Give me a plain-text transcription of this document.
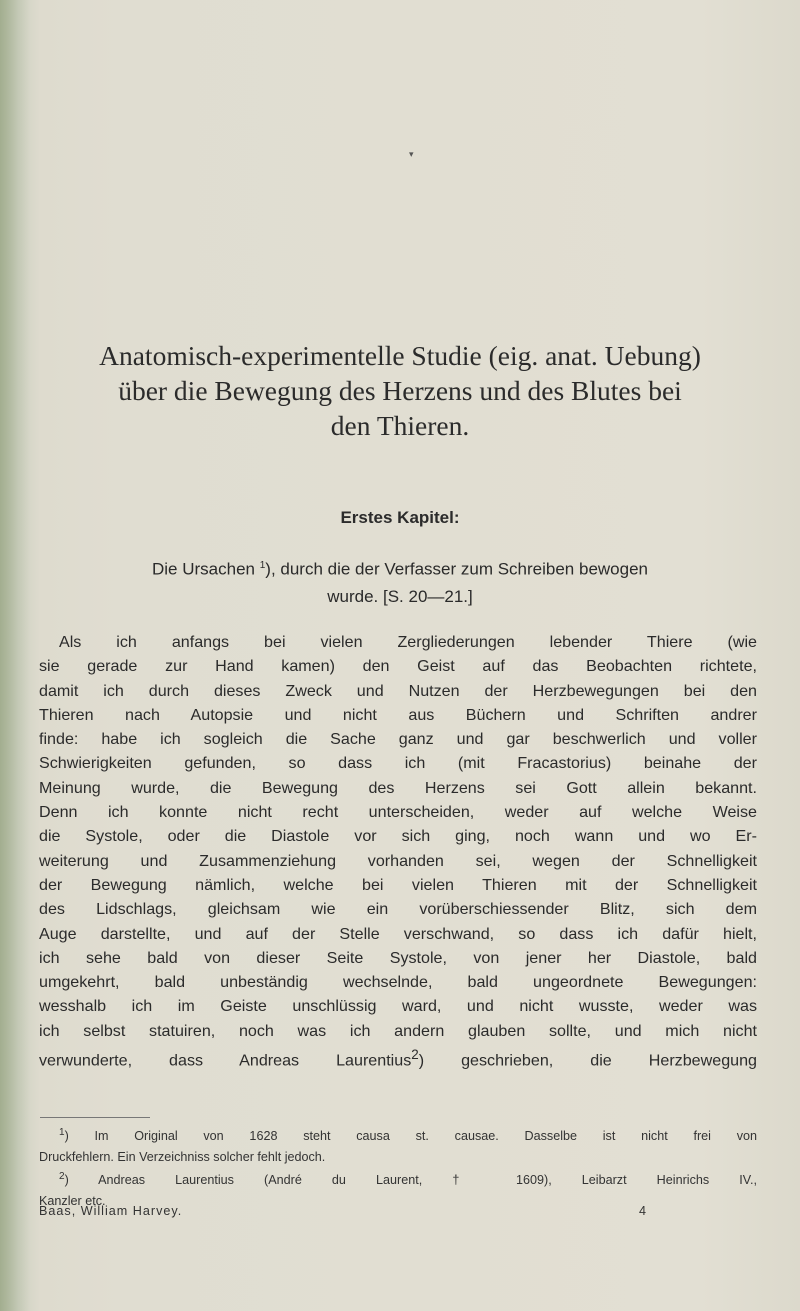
▾
Anatomisch-experimentelle Studie (eig. anat. Uebung)
über die Bewegung des Herzens und des Blutes bei
den Thieren.
Erstes Kapitel:
Die Ursachen $^1$), durch die der Verfasser zum Schreiben bewogen
wurde. [S. 20—21.]
Als ich anfangs bei vielen Zergliederungen lebender Thiere (wie
sie gerade zur Hand kamen) den Geist auf das Beobachten richtete,
damit ich durch dieses Zweck und Nutzen der Herzbewegungen bei den
Thieren nach Autopsie und nicht aus Büchern und Schriften andrer
finde: habe ich sogleich die Sache ganz und gar beschwerlich und voller
Schwierigkeiten gefunden, so dass ich (mit Fracastorius) beinahe der
Meinung wurde, die Bewegung des Herzens sei Gott allein bekannt.
Denn ich konnte nicht recht unterscheiden, weder auf welche Weise
die Systole, oder die Diastole vor sich ging, noch wann und wo Er-
weiterung und Zusammenziehung vorhanden sei, wegen der Schnelligkeit
der Bewegung nämlich, welche bei vielen Thieren mit der Schnelligkeit
des Lidschlags, gleichsam wie ein vorüberschiessender Blitz, sich dem
Auge darstellte, und auf der Stelle verschwand, so dass ich dafür hielt,
ich sehe bald von dieser Seite Systole, von jener her Diastole, bald
umgekehrt, bald unbeständig wechselnde, bald ungeordnete Bewegungen:
wesshalb ich im Geiste unschlüssig ward, und nicht wusste, weder was
ich selbst statuiren, noch was ich andern glauben sollte, und mich nicht
verwunderte, dass Andreas Laurentius$^2$) geschrieben, die Herzbewegung
$^1$) Im Original von 1628 steht causa st. causae. Dasselbe ist nicht frei von
Druckfehlern. Ein Verzeichniss solcher fehlt jedoch.
$^2$) Andreas Laurentius (André du Laurent, † 1609), Leibarzt Heinrichs IV.,
Kanzler etc.
Baas, William Harvey.	4
